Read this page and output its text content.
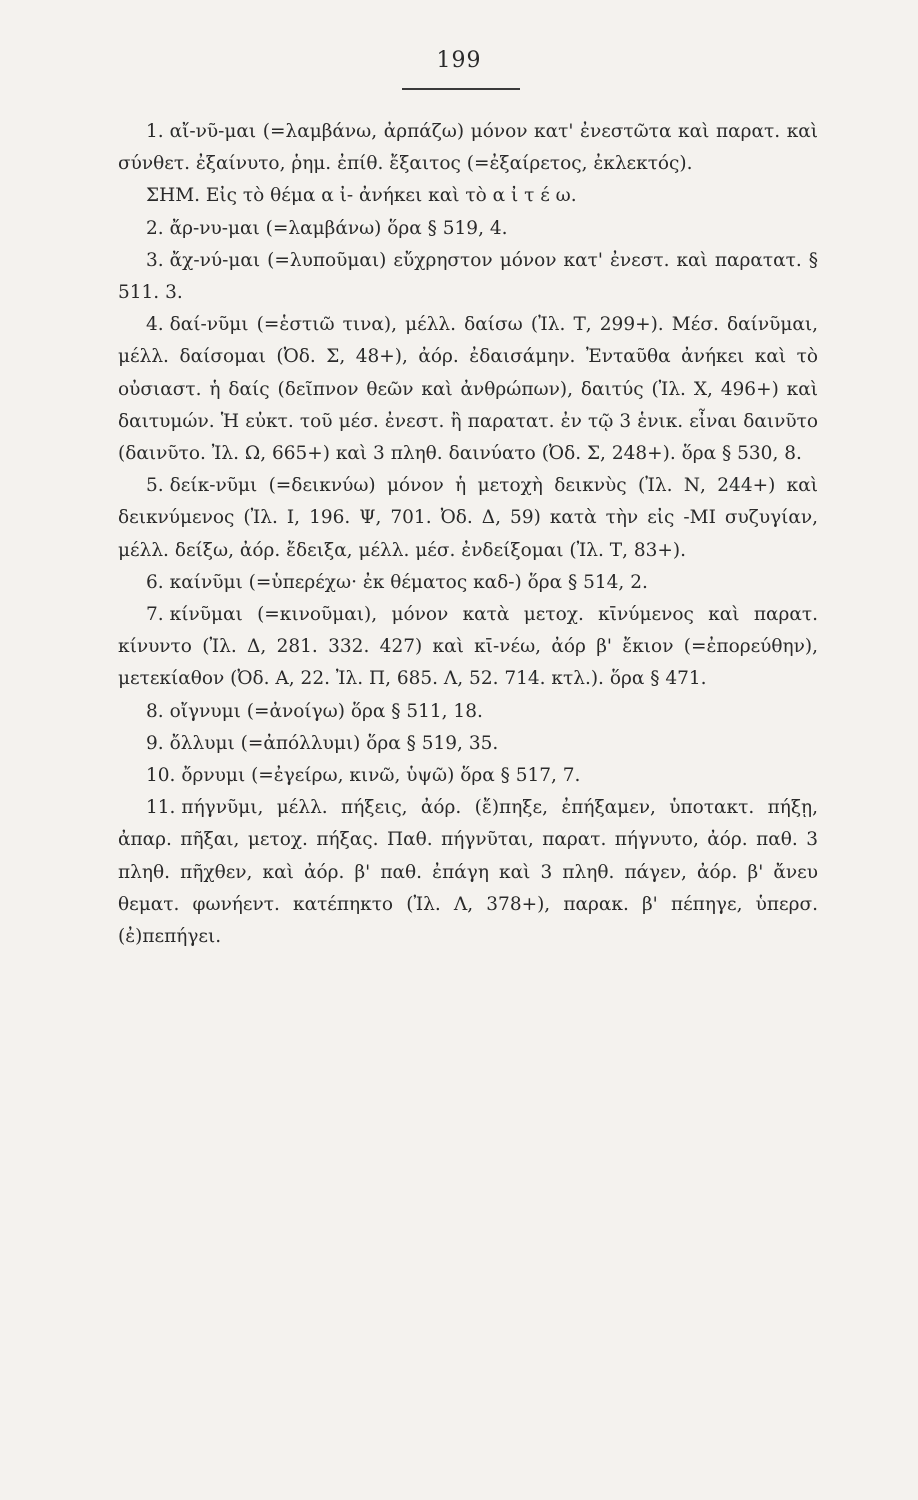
199

1. αἴ-νῦ-μαι (=λαμβάνω, ἀρπάζω) μόνον κατ' ἐνεστῶτα καὶ παρατ. καὶ σύνθετ. ἐξαίνυτο, ῥημ. ἐπίθ. ἔξαιτος (=ἐξαίρετος, ἐκλεκτός).

ΣΗΜ. Εἰς τὸ θέμα α ἰ- ἀνήκει καὶ τὸ α ἰ τ έ ω.

2. ἄρ-νυ-μαι (=λαμβάνω) ὅρα § 519, 4.

3. ἄχ-νύ-μαι (=λυποῦμαι) εὔχρηστον μόνον κατ' ἐνεστ. καὶ παρατατ. § 511. 3.

4. δαί-νῦμι (=ἑστιῶ τινα), μέλλ. δαίσω (Ἰλ. Τ, 299+). Μέσ. δαίνῦμαι, μέλλ. δαίσομαι (Ὀδ. Σ, 48+), ἀόρ. ἐδαισάμην. Ἐνταῦθα ἀνήκει καὶ τὸ οὐσιαστ. ἡ δαίς (δεῖπνον θεῶν καὶ ἀνθρώπων), δαιτύς (Ἰλ. Χ, 496+) καὶ δαιτυμών. Ἡ εὐκτ. τοῦ μέσ. ἐνεστ. ἢ παρατατ. ἐν τῷ 3 ἑνικ. εἶναι δαινῦτο (δαινῦτο. Ἰλ. Ω, 665+) καὶ 3 πληθ. δαινύατο (Ὀδ. Σ, 248+). ὅρα § 530, 8.

5. δείκ-νῦμι (=δεικνύω) μόνον ἡ μετοχὴ δεικνὺς (Ἰλ. Ν, 244+) καὶ δεικνύμενος (Ἰλ. Ι, 196. Ψ, 701. Ὀδ. Δ, 59) κατὰ τὴν εἰς -ΜΙ συζυγίαν, μέλλ. δείξω, ἀόρ. ἔδειξα, μέλλ. μέσ. ἐνδείξομαι (Ἰλ. Τ, 83+).

6. καίνῦμι (=ὑπερέχω· ἐκ θέματος καδ-) ὅρα § 514, 2.

7. κίνῦμαι (=κινοῦμαι), μόνον κατὰ μετοχ. κῑνύμενος καὶ παρατ. κίνυντο (Ἰλ. Δ, 281. 332. 427) καὶ κῑ-νέω, ἀόρ β' ἔκιον (=ἐπορεύθην), μετεκίαθον (Ὀδ. Α, 22. Ἰλ. Π, 685. Λ, 52. 714. κτλ.). ὅρα § 471.

8. οἴγνυμι (=ἀνοίγω) ὅρα § 511, 18.

9. ὄλλυμι (=ἀπόλλυμι) ὅρα § 519, 35.

10. ὄρνυμι (=ἐγείρω, κινῶ, ὑψῶ) ὅρα § 517, 7.

11. πήγνῦμι, μέλλ. πήξεις, ἀόρ. (ἔ)πηξε, ἐπήξαμεν, ὑποτακτ. πήξῃ, ἀπαρ. πῆξαι, μετοχ. πήξας. Παθ. πήγνῦται, παρατ. πήγνυτο, ἀόρ. παθ. 3 πληθ. πῆχθεν, καὶ ἀόρ. β' παθ. ἐπάγη καὶ 3 πληθ. πάγεν, ἀόρ. β' ἄνευ θεματ. φωνήεντ. κατέπηκτο (Ἰλ. Λ, 378+), παρακ. β' πέπηγε, ὑπερσ. (ἐ)πεπήγει.
